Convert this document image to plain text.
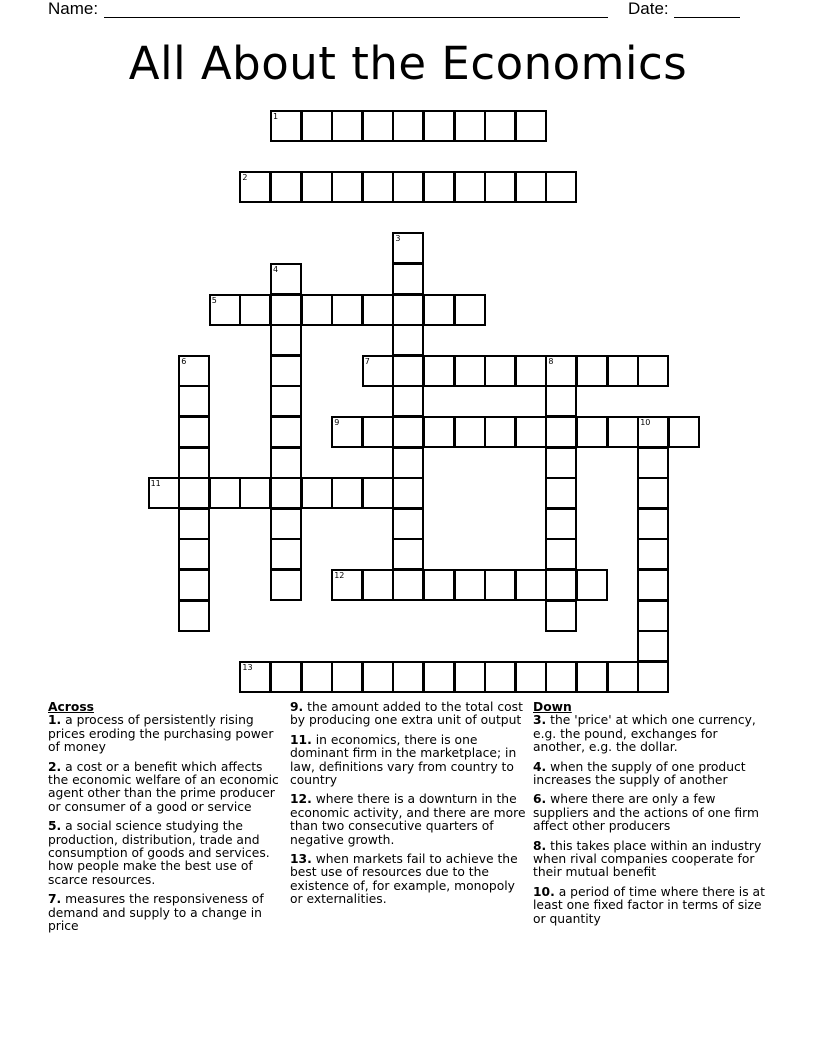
Name:	Date:
All About the Economics
1
2
3
4
5
6	7	8
9	10
11
12
13
Across
1. a process of persistently rising prices eroding the purchasing power of money
2. a cost or a benefit which affects the economic welfare of an economic agent other than the prime producer or consumer of a good or service
5. a social science studying the production, distribution, trade and consumption of goods and services. how people make the best use of scarce resources.
7. measures the responsiveness of demand and supply to a change in price
9. the amount added to the total cost by producing one extra unit of output
11. in economics, there is one dominant firm in the marketplace; in law, definitions vary from country to country
12. where there is a downturn in the economic activity, and there are more than two consecutive quarters of negative growth.
13. when markets fail to achieve the best use of resources due to the existence of, for example, monopoly or externalities.
Down
3. the 'price' at which one currency, e.g. the pound, exchanges for another, e.g. the dollar.
4. when the supply of one product increases the supply of another
6. where there are only a few suppliers and the actions of one firm affect other producers
8. this takes place within an industry when rival companies cooperate for their mutual benefit
10. a period of time where there is at least one fixed factor in terms of size or quantity
